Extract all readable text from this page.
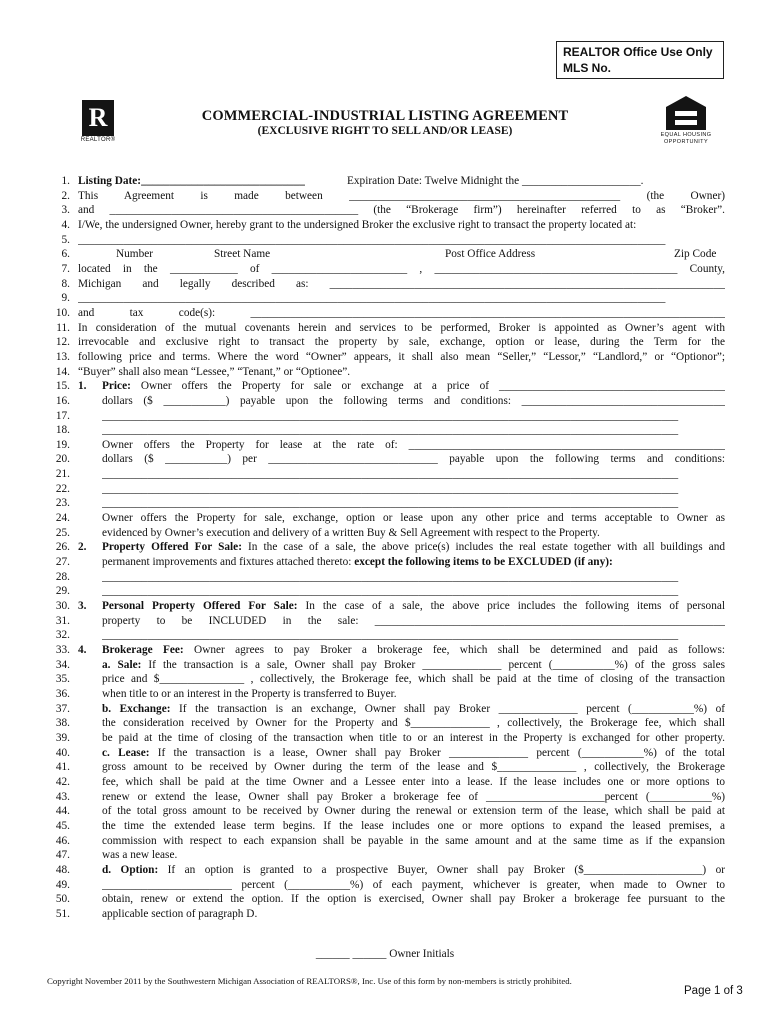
REALTOR Office Use Only
MLS No.
R
REALTOR®
COMMERCIAL-INDUSTRIAL LISTING AGREEMENT
(EXCLUSIVE RIGHT TO SELL AND/OR LEASE)	EQUAL HOUSING
OPPORTUNITY
1. Listing Date:_____________________________	Expiration Date: Twelve Midnight the _____________________.
2. This Agreement is made between ________________________________________________ (the Owner)
3. and ____________________________________________ (the “Brokerage firm”) hereinafter referred to as “Broker”.
4. I/We, the undersigned Owner, hereby grant to the undersigned Broker the exclusive right to transact the property located at:
5. ________________________________________________________________________________________________________
6.	Number	Street Name	Post Office Address	Zip Code
7. located in the ____________ of ________________________ , ___________________________________________ County,
8. Michigan and legally described as: ______________________________________________________________________
9. ________________________________________________________________________________________________________
10. and tax code(s): ____________________________________________________________________________________
11. In consideration of the mutual covenants herein and services to be performed, Broker is appointed as Owner’s agent with
12. irrevocable and exclusive right to transact the property by sale, exchange, option or lease, during the Term for the
13. following price and terms. Where the word “Owner” appears, it shall also mean “Seller,” “Lessor,” “Landlord,” or “Optionor”;
14. “Buyer” shall also mean “Lessee,” “Tenant,” or “Optionee”.
15. 1. Price: Owner offers the Property for sale or exchange at a price of ________________________________________
16.	dollars ($ ___________) payable upon the following terms and conditions: ____________________________________
17.	______________________________________________________________________________________________________
18.	______________________________________________________________________________________________________
19.	Owner offers the Property for lease at the rate of: ________________________________________________________
20.	dollars ($ ___________) per ______________________________ payable upon the following terms and conditions:
21.	______________________________________________________________________________________________________
22.	______________________________________________________________________________________________________
23.	______________________________________________________________________________________________________
24.	Owner offers the Property for sale, exchange, option or lease upon any other price and terms acceptable to Owner as
25.	evidenced by Owner’s execution and delivery of a written Buy & Sell Agreement with respect to the Property.
26. 2. Property Offered For Sale: In the case of a sale, the above price(s) includes the real estate together with all buildings and
27.	permanent improvements and fixtures attached thereto: except the following items to be EXCLUDED (if any):
28.	______________________________________________________________________________________________________
29.	______________________________________________________________________________________________________
30. 3. Personal Property Offered For Sale: In the case of a sale, the above price includes the following items of personal
31.	property to be INCLUDED in the sale: ______________________________________________________________
32.	______________________________________________________________________________________________________
33. 4. Brokerage Fee: Owner agrees to pay Broker a brokerage fee, which shall be determined and paid as follows:
34.	a. Sale: If the transaction is a sale, Owner shall pay Broker ______________ percent (___________%) of the gross sales
35.	price and $_______________ , collectively, the Brokerage fee, which shall be paid at the time of closing of the transaction
36.	when title to or an interest in the Property is transferred to Buyer.
37.	b. Exchange: If the transaction is an exchange, Owner shall pay Broker ______________ percent (___________%) of
38.	the consideration received by Owner for the Property and $______________ , collectively, the Brokerage fee, which shall
39.	be paid at the time of closing of the transaction when title to or an interest in the Property is exchanged for other property.
40.	c. Lease: If the transaction is a lease, Owner shall pay Broker ______________ percent (___________%) of the total
41.	gross amount to be received by Owner during the term of the lease and $______________ , collectively, the Brokerage
42.	fee, which shall be paid at the time Owner and a Lessee enter into a lease. If the lease includes one or more options to
43.	renew or extend the lease, Owner shall pay Broker a brokerage fee of _____________________percent (___________%)
44.	of the total gross amount to be received by Owner during the renewal or extension term of the lease, which shall be paid at
45.	the time the extended lease term begins. If the lease includes one or more options to expand the leased premises, a
46.	commission with respect to each expansion shall be payable in the same amount and at the same time as if the expansion
47.	was a new lease.
48.	d. Option: If an option is granted to a prospective Buyer, Owner shall pay Broker ($_____________________) or
49.	_______________________ percent (___________%) of each payment, whichever is greater, when made to Owner to
50.	obtain, renew or extend the option. If the option is exercised, Owner shall pay Broker a brokerage fee pursuant to the
51.	applicable section of paragraph D.
______ ______ Owner Initials
Copyright November 2011 by the Southwestern Michigan Association of REALTORS®, Inc. Use of this form by non-members is strictly prohibited.
Page 1 of 3
